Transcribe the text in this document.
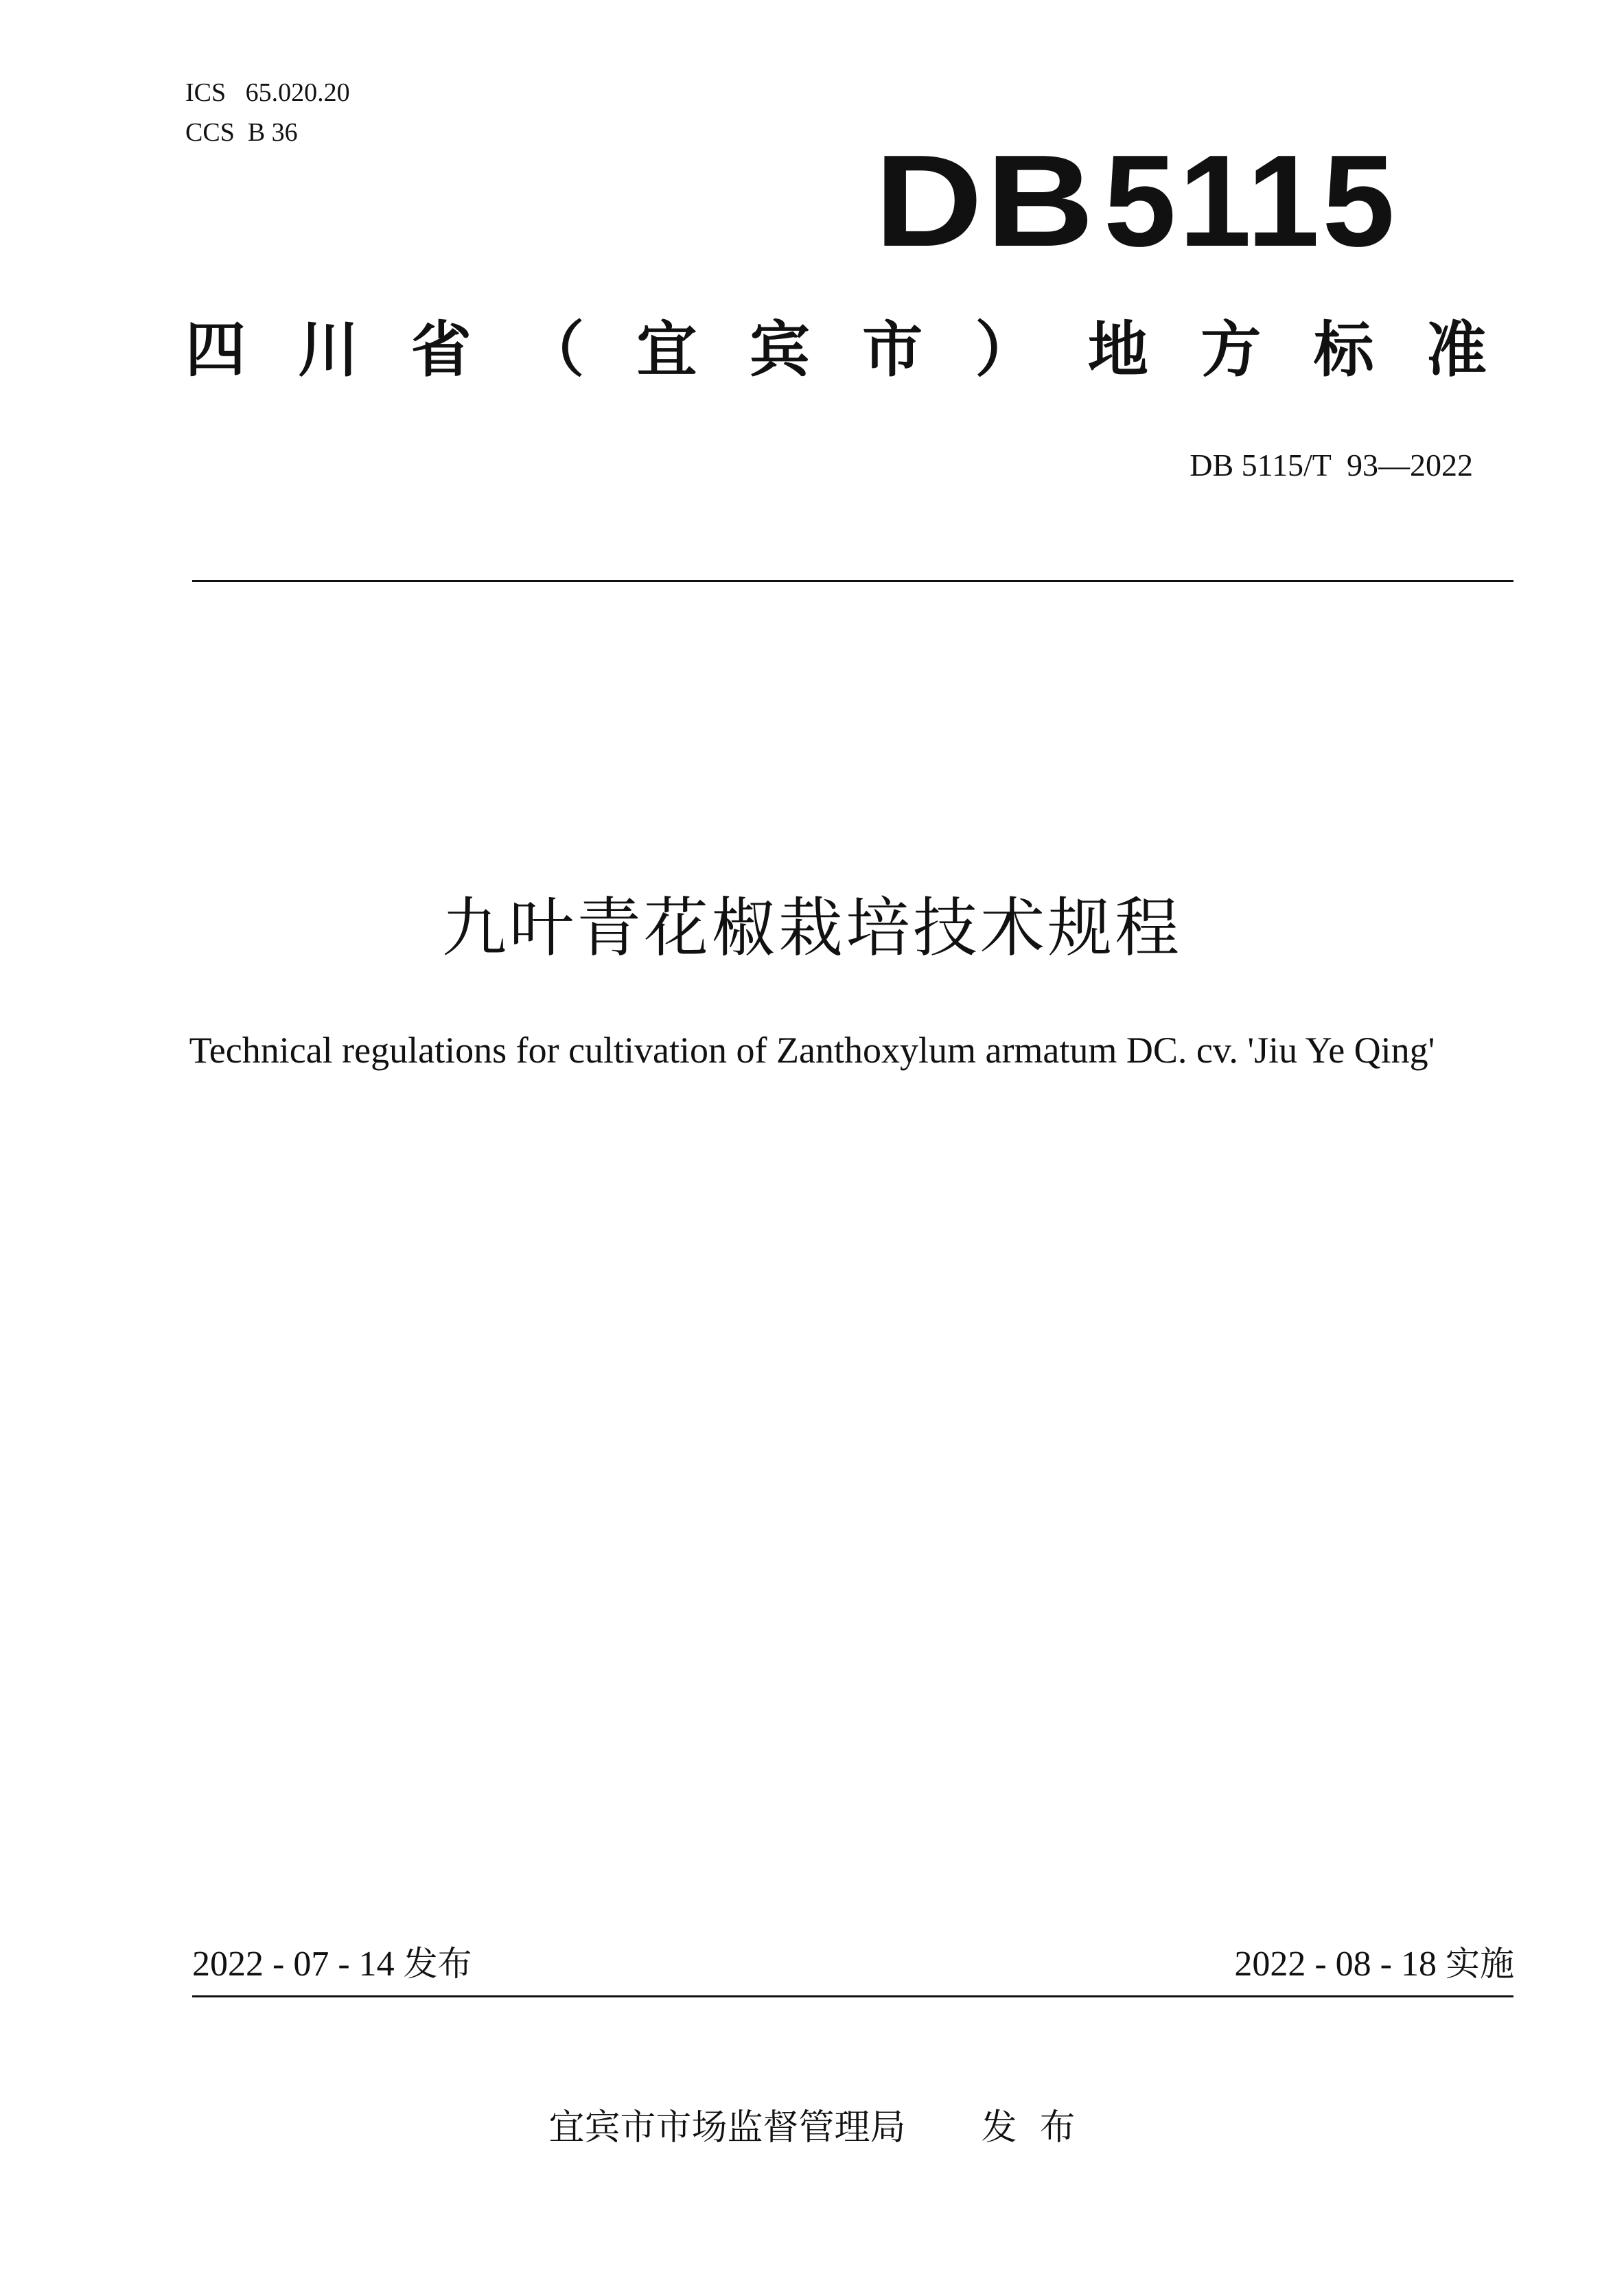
ICS   65.020.20
CCS  B 36	DB5115
四 川 省 （ 宜 宾 市 ） 地 方 标 准
DB 5115/T  93—2022
九叶青花椒栽培技术规程
Technical regulations for cultivation of Zanthoxylum armatum DC. cv. 'Jiu Ye Qing'
2022 - 07 - 14 发布	2022 - 08 - 18 实施
宜宾市市场监督管理局 发  布
